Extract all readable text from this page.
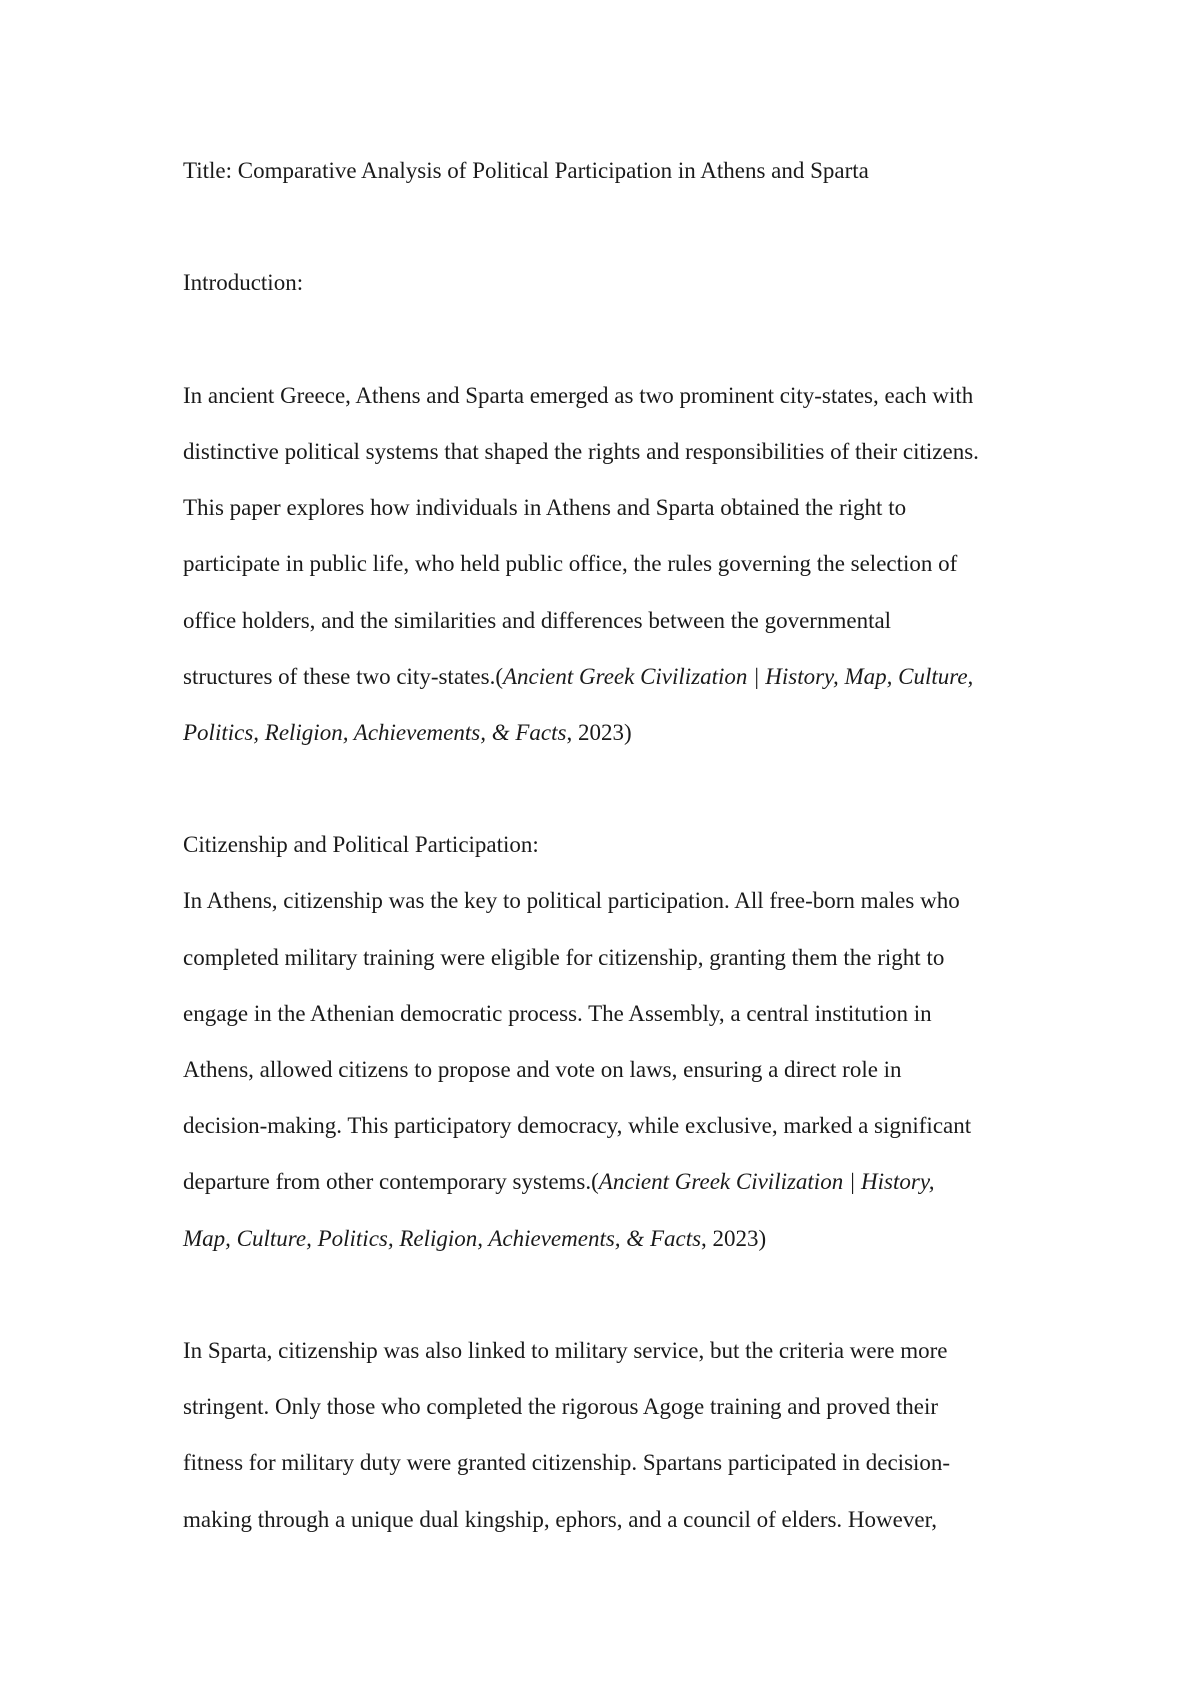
Title: Comparative Analysis of Political Participation in Athens and Sparta
Introduction:
In ancient Greece, Athens and Sparta emerged as two prominent city-states, each with
distinctive political systems that shaped the rights and responsibilities of their citizens.
This paper explores how individuals in Athens and Sparta obtained the right to
participate in public life, who held public office, the rules governing the selection of
office holders, and the similarities and differences between the governmental
structures of these two city-states.(Ancient Greek Civilization | History, Map, Culture,
Politics, Religion, Achievements, & Facts, 2023)
Citizenship and Political Participation:
In Athens, citizenship was the key to political participation. All free-born males who
completed military training were eligible for citizenship, granting them the right to
engage in the Athenian democratic process. The Assembly, a central institution in
Athens, allowed citizens to propose and vote on laws, ensuring a direct role in
decision-making. This participatory democracy, while exclusive, marked a significant
departure from other contemporary systems.(Ancient Greek Civilization | History,
Map, Culture, Politics, Religion, Achievements, & Facts, 2023)
In Sparta, citizenship was also linked to military service, but the criteria were more
stringent. Only those who completed the rigorous Agoge training and proved their
fitness for military duty were granted citizenship. Spartans participated in decision-
making through a unique dual kingship, ephors, and a council of elders. However,
